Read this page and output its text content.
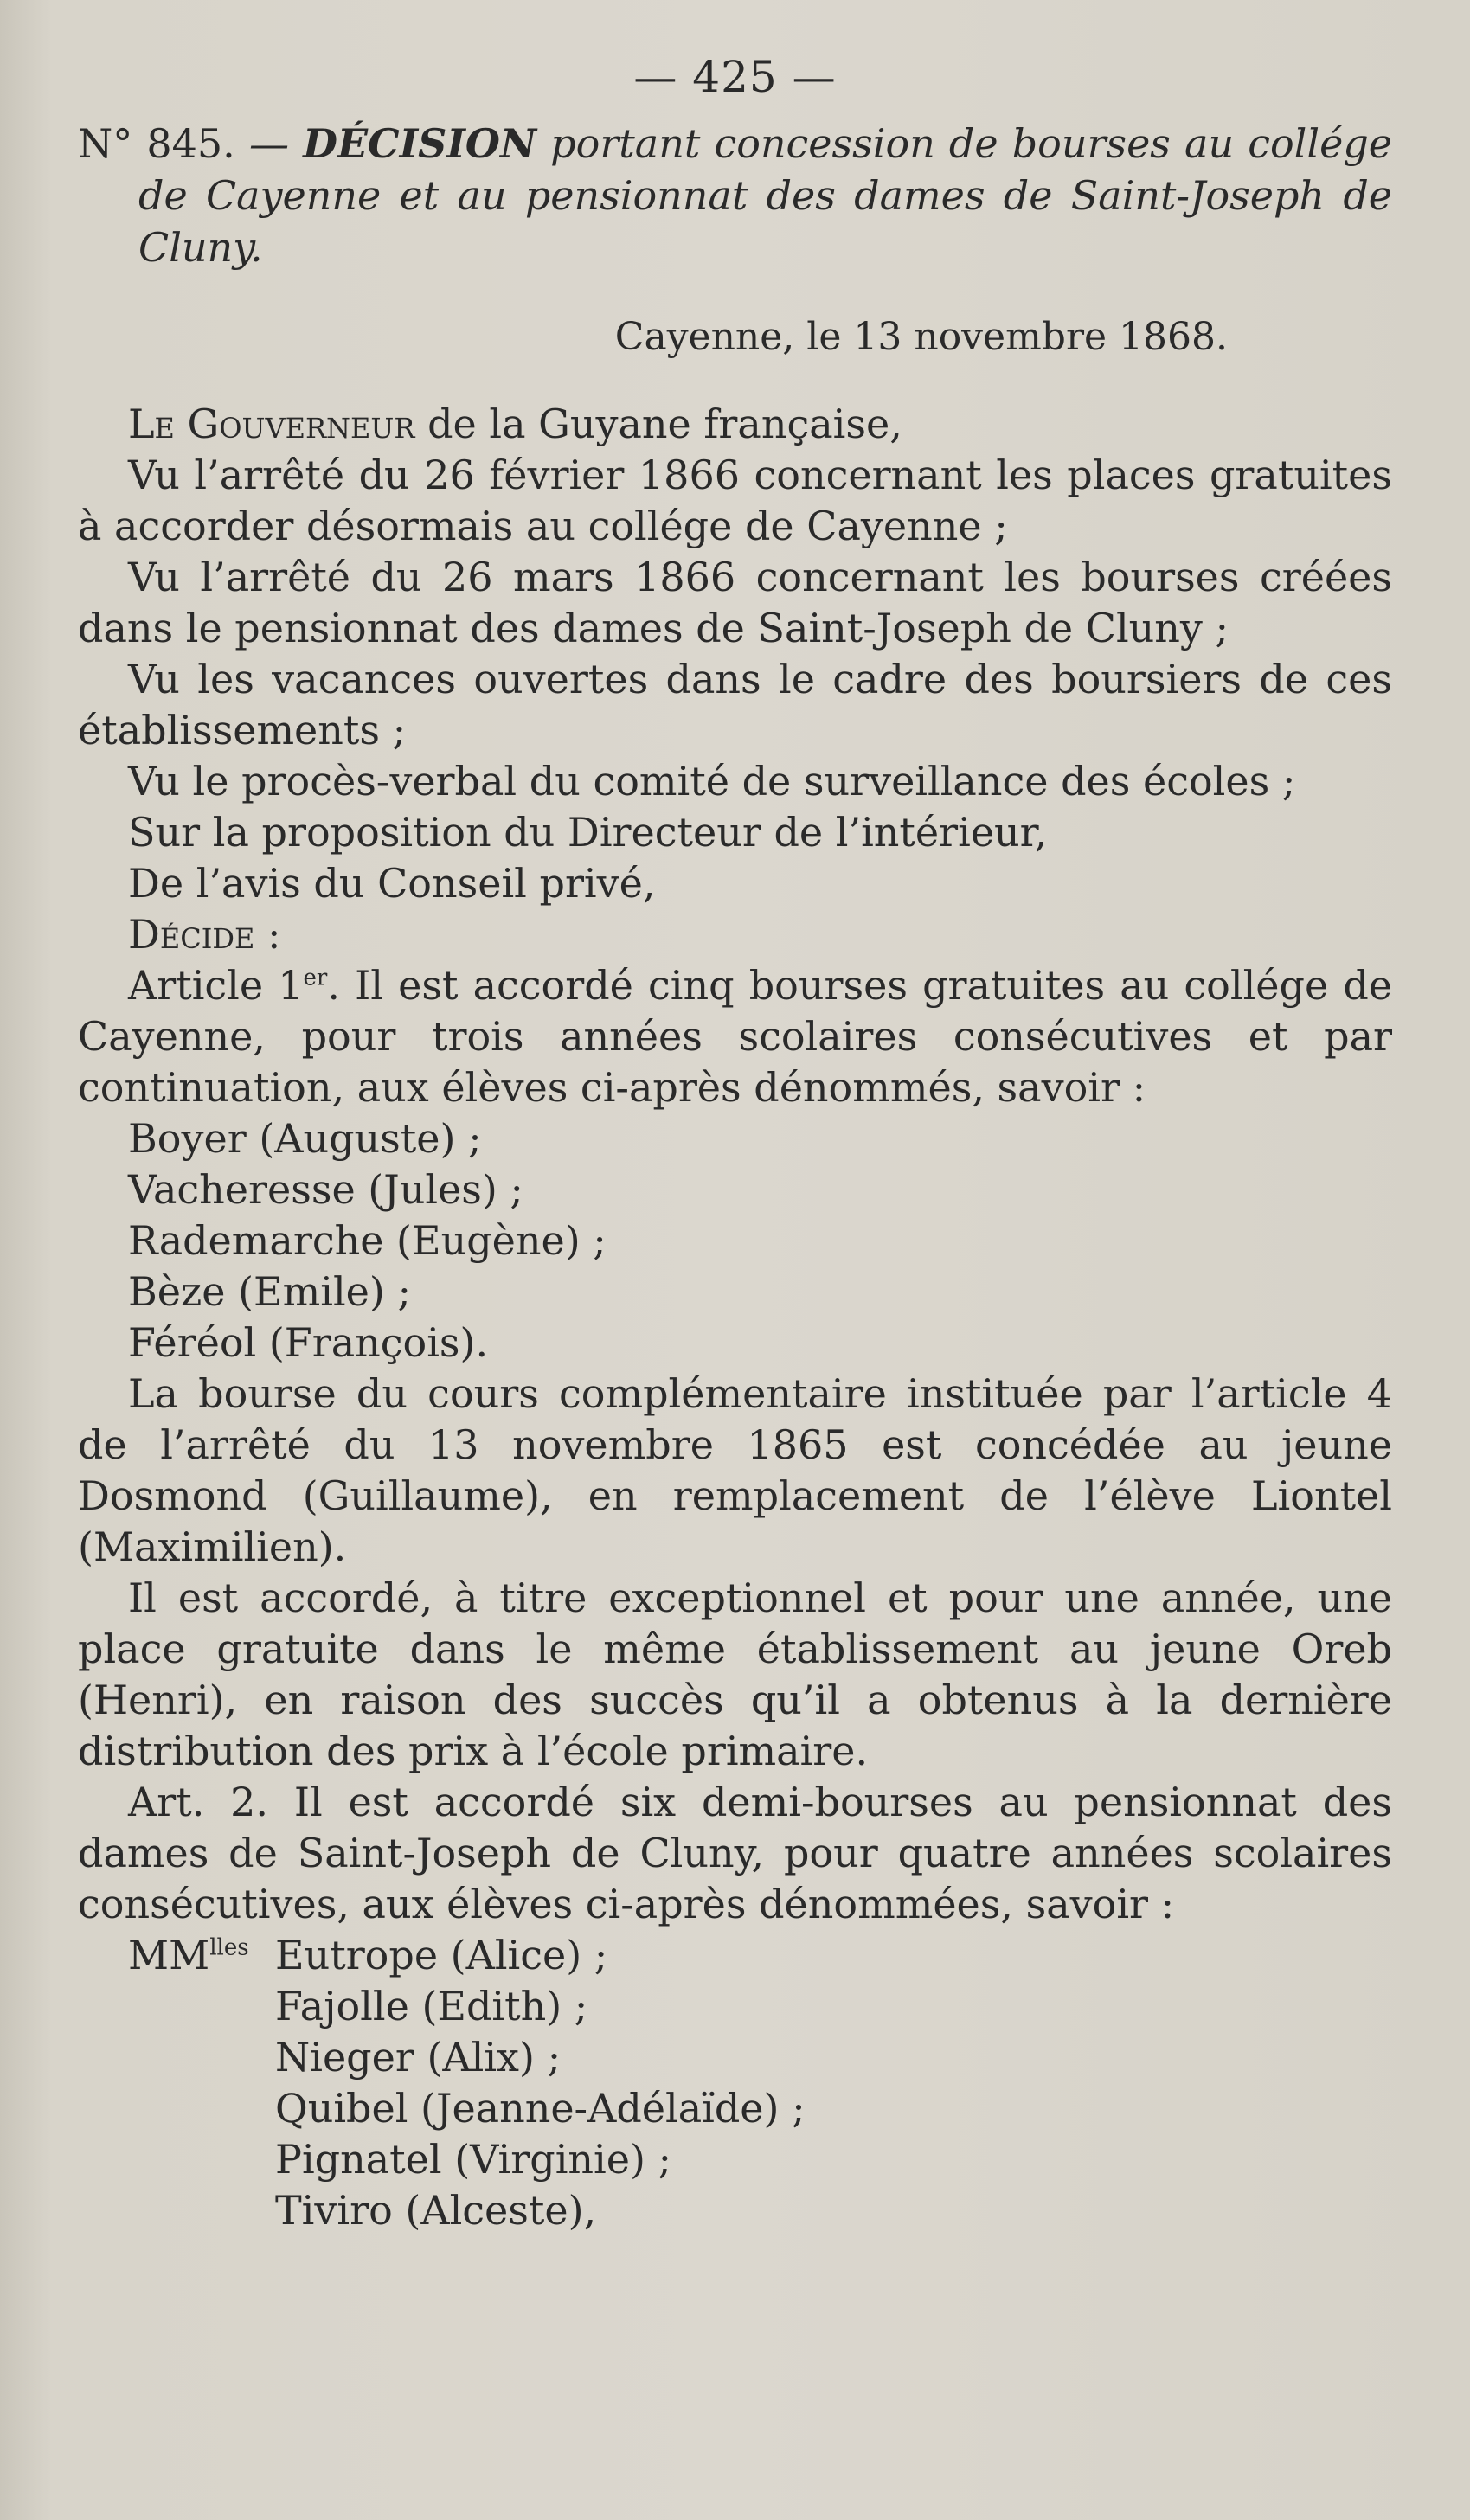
— 425 —
N° 845. — DÉCISION portant concession de bourses au collége de Cayenne et au pensionnat des dames de Saint-Joseph de Cluny.
Cayenne, le 13 novembre 1868.

Le Gouverneur de la Guyane française,

Vu l’arrêté du 26 février 1866 concernant les places gratuites à accorder désormais au collége de Cayenne ;

Vu l’arrêté du 26 mars 1866 concernant les bourses créées dans le pensionnat des dames de Saint-Joseph de Cluny ;

Vu les vacances ouvertes dans le cadre des boursiers de ces établissements ;

Vu le procès-verbal du comité de surveillance des écoles ;

Sur la proposition du Directeur de l’intérieur,

De l’avis du Conseil privé,

Décide :

Article 1er. Il est accordé cinq bourses gratuites au collége de Cayenne, pour trois années scolaires consécutives et par continuation, aux élèves ci-après dénommés, savoir :

Boyer (Auguste) ;
Vacheresse (Jules) ;
Rademarche (Eugène) ;
Bèze (Emile) ;
Féréol (François).

La bourse du cours complémentaire instituée par l’article 4 de l’arrêté du 13 novembre 1865 est concédée au jeune Dosmond (Guillaume), en remplacement de l’élève Liontel (Maximilien).

Il est accordé, à titre exceptionnel et pour une année, une place gratuite dans le même établissement au jeune Oreb (Henri), en raison des succès qu’il a obtenus à la dernière distribution des prix à l’école primaire.

Art. 2. Il est accordé six demi-bourses au pensionnat des dames de Saint-Joseph de Cluny, pour quatre années scolaires consécutives, aux élèves ci-après dénommées, savoir :

$MM^{lles}$ Eutrope (Alice) ;
Fajolle (Edith) ;
Nieger (Alix) ;
Quibel (Jeanne-Adélaïde) ;
Pignatel (Virginie) ;
Tiviro (Alceste),
